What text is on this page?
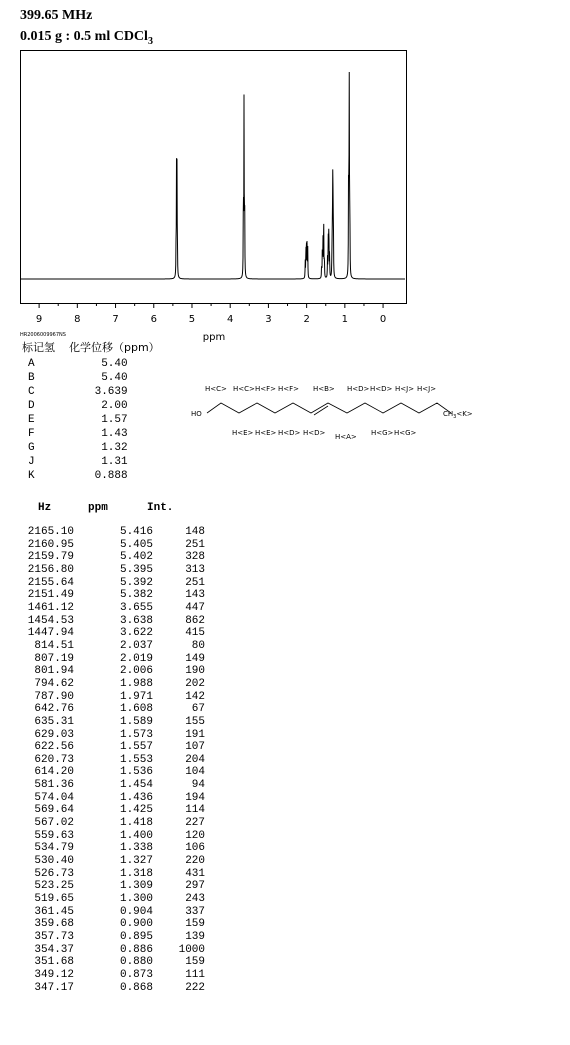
399.65 MHz
0.015 g : 0.5 ml CDCl$_3$
9	8	7	6	5	4	3	2	1	0
ppm
HR2006009967NS
标记氢 化学位移（ppm）
A	5.40
B	5.40
C	3.639
D	2.00
E	1.57
F	1.43
G	1.32
J	1.31
K	0.888
HO
H<C> H<C> H<F> H<F> H<B> H<D> H<D> H<J> H<J>
H<E> H<E> H<D> H<D> H<A> H<G> H<G>
$CH_3<K>$
Hz	ppm	Int.
2165.10	5.416	148
2160.95	5.405	251
2159.79	5.402	328
2156.80	5.395	313
2155.64	5.392	251
2151.49	5.382	143
1461.12	3.655	447
1454.53	3.638	862
1447.94	3.622	415
814.51	2.037	80
807.19	2.019	149
801.94	2.006	190
794.62	1.988	202
787.90	1.971	142
642.76	1.608	67
635.31	1.589	155
629.03	1.573	191
622.56	1.557	107
620.73	1.553	204
614.20	1.536	104
581.36	1.454	94
574.04	1.436	194
569.64	1.425	114
567.02	1.418	227
559.63	1.400	120
534.79	1.338	106
530.40	1.327	220
526.73	1.318	431
523.25	1.309	297
519.65	1.300	243
361.45	0.904	337
359.68	0.900	159
357.73	0.895	139
354.37	0.886	1000
351.68	0.880	159
349.12	0.873	111
347.17	0.868	222
